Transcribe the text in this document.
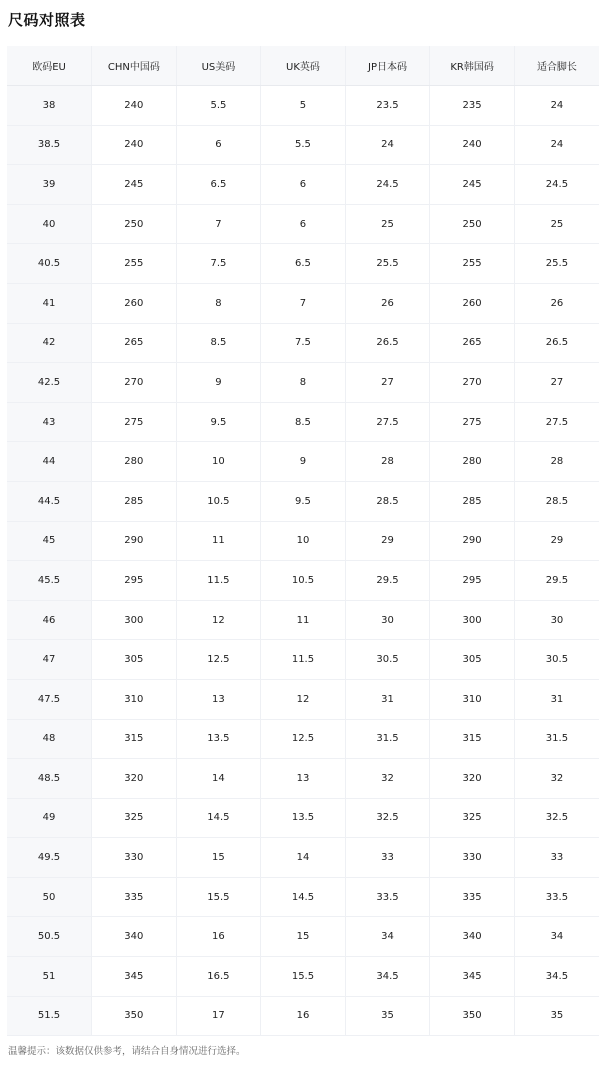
尺码对照表
欧码EU	CHN中国码	US美码	UK英码	JP日本码	KR韩国码	适合脚长
38	240	5.5	5	23.5	235	24
38.5	240	6	5.5	24	240	24
39	245	6.5	6	24.5	245	24.5
40	250	7	6	25	250	25
40.5	255	7.5	6.5	25.5	255	25.5
41	260	8	7	26	260	26
42	265	8.5	7.5	26.5	265	26.5
42.5	270	9	8	27	270	27
43	275	9.5	8.5	27.5	275	27.5
44	280	10	9	28	280	28
44.5	285	10.5	9.5	28.5	285	28.5
45	290	11	10	29	290	29
45.5	295	11.5	10.5	29.5	295	29.5
46	300	12	11	30	300	30
47	305	12.5	11.5	30.5	305	30.5
47.5	310	13	12	31	310	31
48	315	13.5	12.5	31.5	315	31.5
48.5	320	14	13	32	320	32
49	325	14.5	13.5	32.5	325	32.5
49.5	330	15	14	33	330	33
50	335	15.5	14.5	33.5	335	33.5
50.5	340	16	15	34	340	34
51	345	16.5	15.5	34.5	345	34.5
51.5	350	17	16	35	350	35
温馨提示：该数据仅供参考，请结合自身情况进行选择。
